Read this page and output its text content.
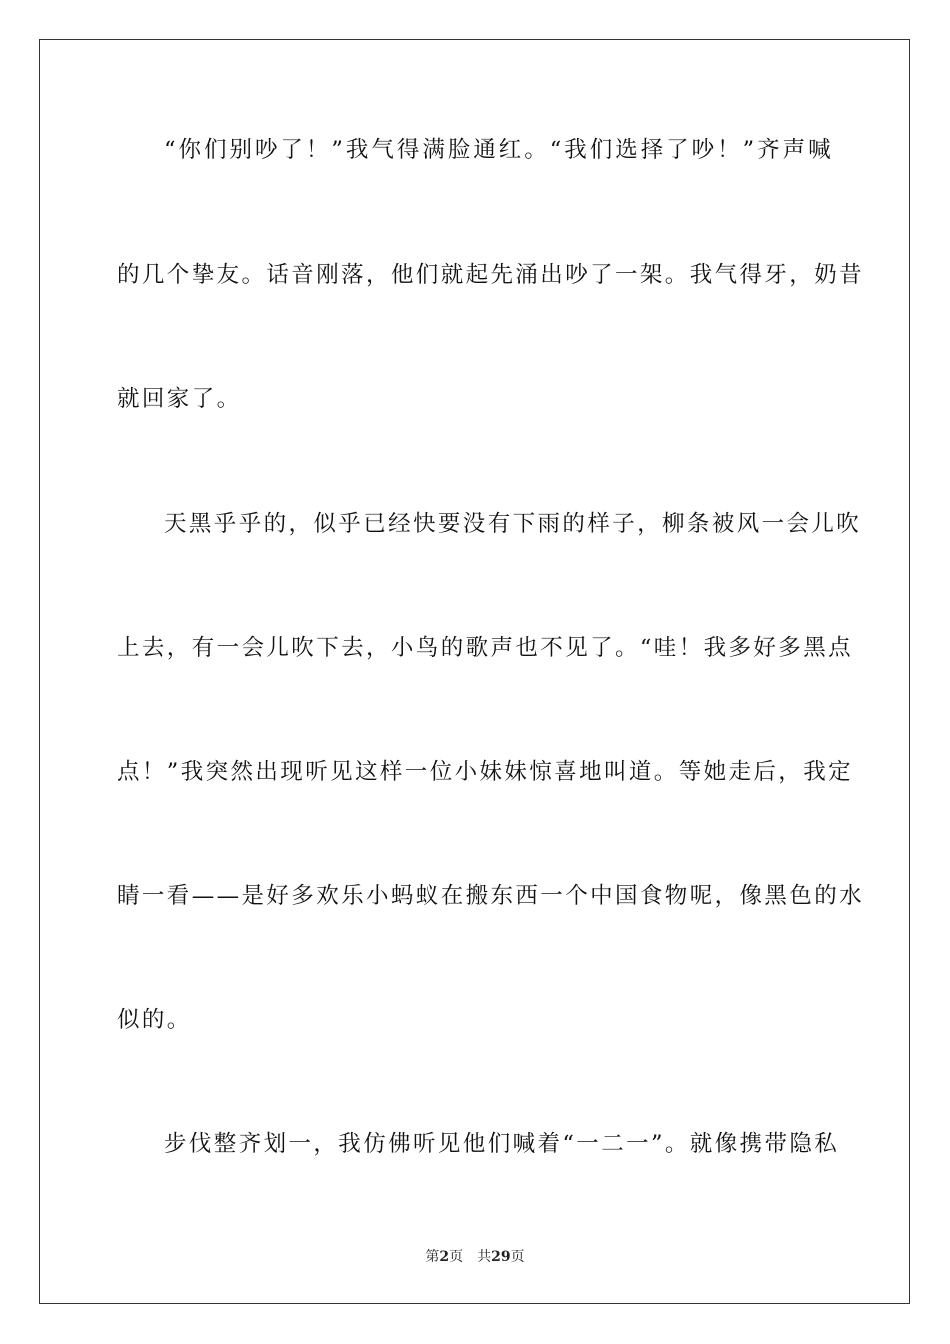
“你们别吵了！”我气得满脸通红。“我们选择了吵！”齐声喊
的几个挚友。话音刚落，他们就起先涌出吵了一架。我气得牙，奶昔
就回家了。
天黑乎乎的，似乎已经快要没有下雨的样子，柳条被风一会儿吹
上去，有一会儿吹下去，小鸟的歌声也不见了。“哇！我多好多黑点
点！”我突然出现听见这样一位小妹妹惊喜地叫道。等她走后，我定
睛一看——是好多欢乐小蚂蚁在搬东西一个中国食物呢，像黑色的水
似的。
步伐整齐划一，我仿佛听见他们喊着“一二一”。就像携带隐私
第2页 共29页
